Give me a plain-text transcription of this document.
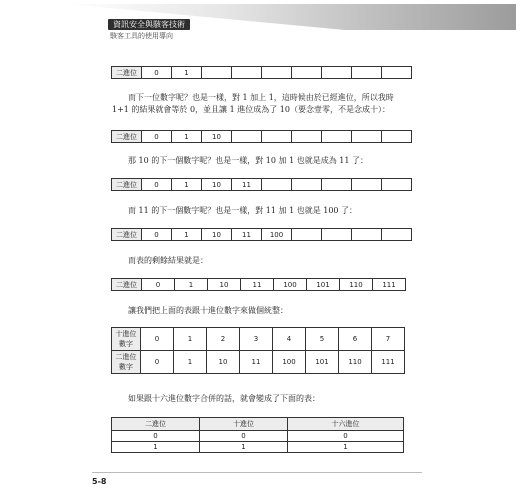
資訊安全與駭客技術
駭客工具的使用導向
二進位	0	1							

而下一位數字呢？也是一樣，對 1 加上 1，這時候由於已經進位，所以我時

1+1 的結果就會等於 0，並且讓 1 進位成為了 10（要念壹零，不是念成十）：

二進位	0	1	10						

那 10 的下一個數字呢？也是一樣，對 10 加 1 也就是成為 11 了：

二進位	0	1	10	11					

而 11 的下一個數字呢？也是一樣，對 11 加 1 也就是 100 了：

二進位	0	1	10	11	100				

而表的剩餘結果就是：

二進位	0	1	10	11	100	101	110	111

讓我們把上面的表跟十進位數字來做個統整：

十進位
數字	0	1	2	3	4	5	6	7
二進位
數字	0	1	10	11	100	101	110	111

如果跟十六進位數字合併的話，就會變成了下面的表：

二進位	十進位	十六進位
0	0	0
1	1	1
5-8
